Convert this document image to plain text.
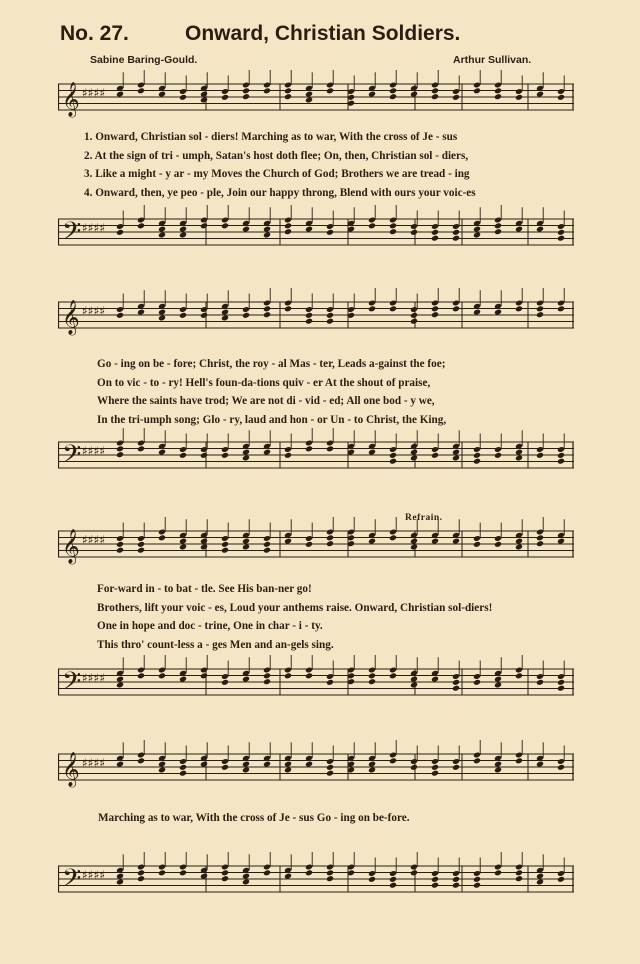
No. 27.	Onward, Christian Soldiers.
Sabine Baring-Gould.	Arthur Sullivan.
𝄞 ♯♯♯♯
1. Onward, Christian sol - diers! Marching as to war, With the cross of Je - sus
2. At the sign of tri - umph, Satan's host doth flee; On, then, Christian sol - diers,
3. Like a might - y ar - my Moves the Church of God; Brothers we are tread - ing
4. Onward, then, ye peo - ple, Join our happy throng, Blend with ours your voic-es
𝄢 ♯♯♯♯
𝄞 ♯♯♯♯
Go - ing on be - fore; Christ, the roy - al Mas - ter, Leads a-gainst the foe;
On to vic - to - ry! Hell's foun-da-tions quiv - er At the shout of praise,
Where the saints have trod; We are not di - vid - ed; All one bod - y we,
In the tri-umph song; Glo - ry, laud and hon - or Un - to Christ, the King,
𝄢 ♯♯♯♯
Refrain.
𝄞 ♯♯♯♯
For-ward in - to bat - tle. See His ban-ner go!
Brothers, lift your voic - es, Loud your anthems raise. Onward, Christian sol-diers!
One in hope and doc - trine, One in char - i - ty.
This thro' count-less a - ges Men and an-gels sing.
𝄢 ♯♯♯♯
𝄞 ♯♯♯♯
Marching as to war, With the cross of Je - sus Go - ing on be-fore.
𝄢 ♯♯♯♯
